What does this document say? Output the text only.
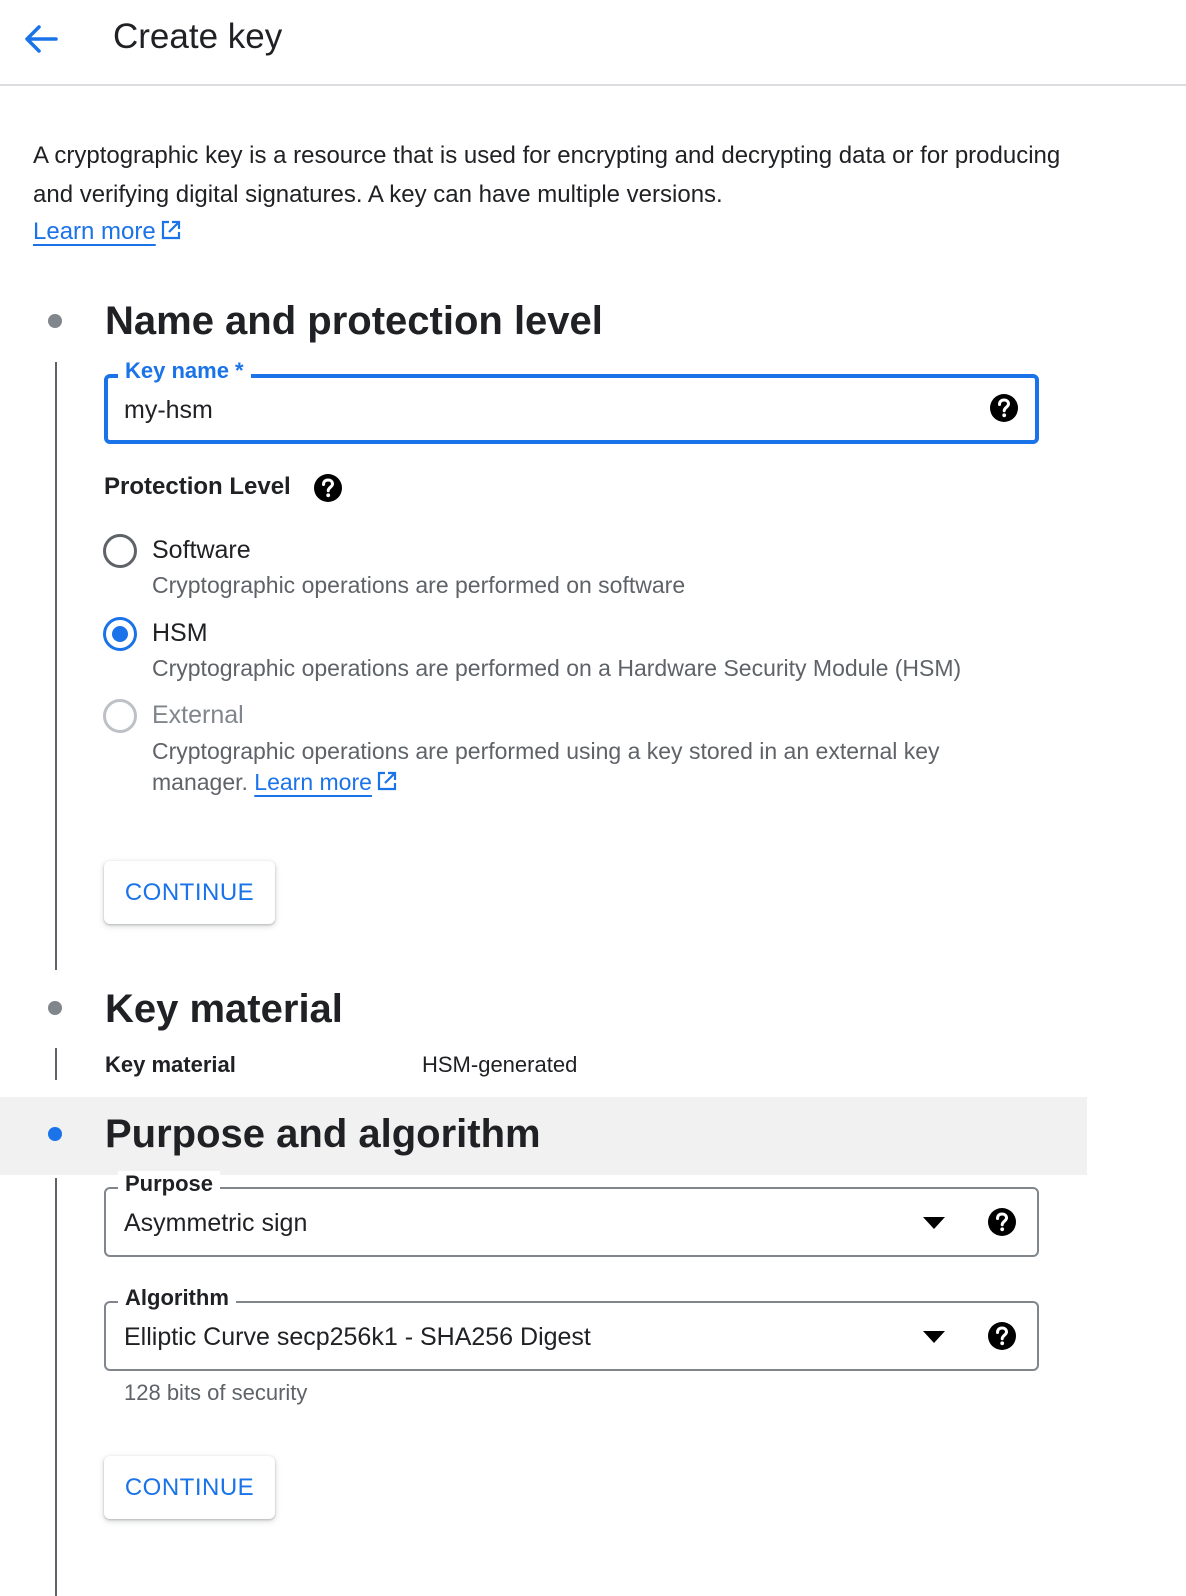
Create key
A cryptographic key is a resource that is used for encrypting and decrypting data or for producing and verifying digital signatures. A key can have multiple versions.
Learn more
Name and protection level
Key name *
my-hsm
Protection Level
Software
Cryptographic operations are performed on software
HSM
Cryptographic operations are performed on a Hardware Security Module (HSM)
External
Cryptographic operations are performed using a key stored in an external key
manager. Learn more
CONTINUE
Key material
Key material	HSM-generated
Purpose and algorithm
Purpose
Asymmetric sign
Algorithm
Elliptic Curve secp256k1 - SHA256 Digest
128 bits of security
CONTINUE
